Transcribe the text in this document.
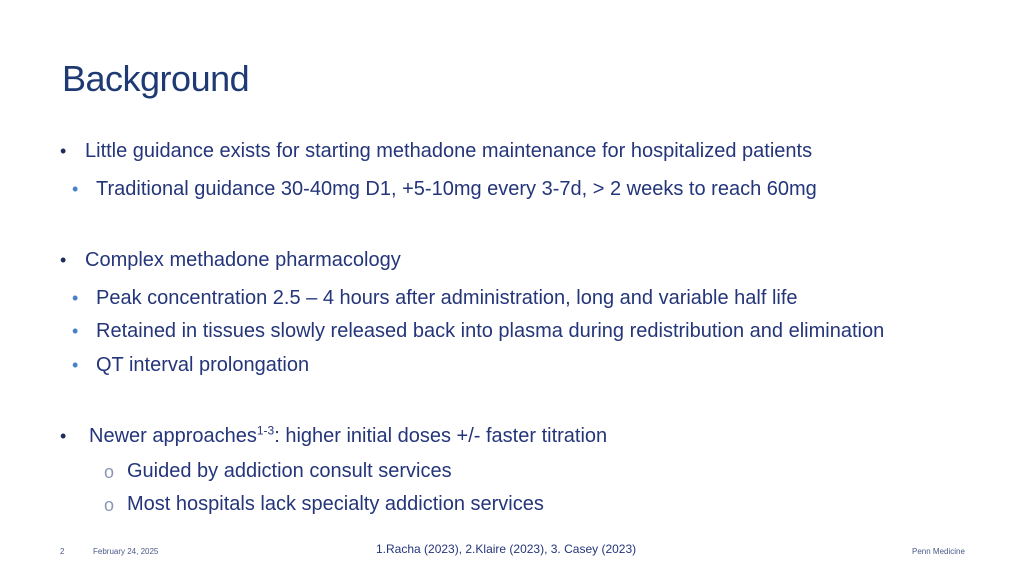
Background
• Little guidance exists for starting methadone maintenance for hospitalized patients
• Traditional guidance 30-40mg D1, +5-10mg every 3-7d, > 2 weeks to reach 60mg
• Complex methadone pharmacology
• Peak concentration 2.5 – 4 hours after administration, long and variable half life
• Retained in tissues slowly released back into plasma during redistribution and elimination
• QT interval prolongation
• Newer approaches$^{1-3}$: higher initial doses +/- faster titration
o Guided by addiction consult services
o Most hospitals lack specialty addiction services
2	February 24, 2025	1.Racha (2023), 2.Klaire (2023), 3. Casey (2023)	Penn Medicine
